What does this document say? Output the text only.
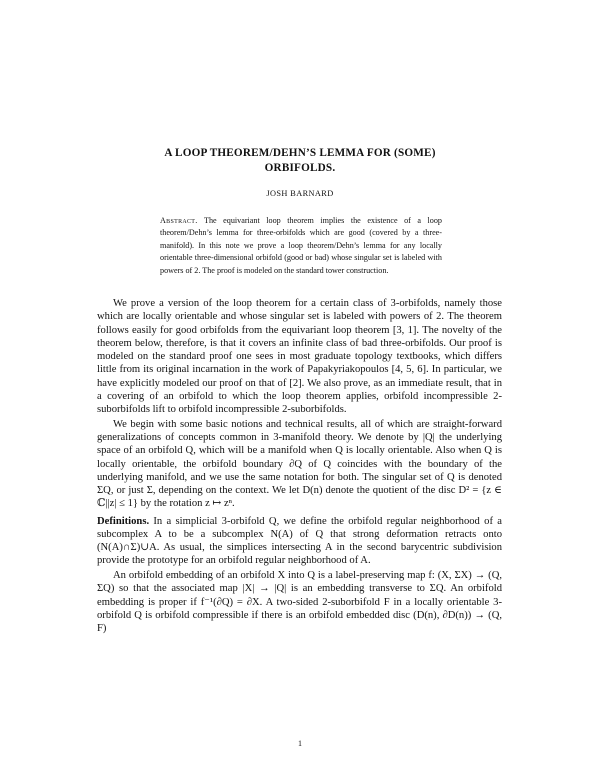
A LOOP THEOREM/DEHN’S LEMMA FOR (SOME)
ORBIFOLDS.
JOSH BARNARD
Abstract. The equivariant loop theorem implies the existence of a loop theorem/Dehn’s lemma for three-orbifolds which are good (covered by a three-manifold). In this note we prove a loop theorem/Dehn’s lemma for any locally orientable three-dimensional orbifold (good or bad) whose singular set is labeled with powers of 2. The proof is modeled on the standard tower construction.

We prove a version of the loop theorem for a certain class of 3-orbifolds, namely those which are locally orientable and whose singular set is labeled with powers of 2. The theorem follows easily for good orbifolds from the equivariant loop theorem [3, 1]. The novelty of the theorem below, therefore, is that it covers an infinite class of bad three-orbifolds. Our proof is modeled on the standard proof one sees in most graduate topology textbooks, which differs little from its original incarnation in the work of Papakyriakopoulos [4, 5, 6]. In particular, we have explicitly modeled our proof on that of [2]. We also prove, as an immediate result, that in a covering of an orbifold to which the loop theorem applies, orbifold incompressible 2-suborbifolds lift to orbifold incompressible 2-suborbifolds.

We begin with some basic notions and technical results, all of which are straight-forward generalizations of concepts common in 3-manifold theory. We denote by |Q| the underlying space of an orbifold Q, which will be a manifold when Q is locally orientable. Also when Q is locally orientable, the orbifold boundary ∂Q of Q coincides with the boundary of the underlying manifold, and we use the same notation for both. The singular set of Q is denoted ΣQ, or just Σ, depending on the context. We let D(n) denote the quotient of the disc D² = {z ∈ ℂ||z| ≤ 1} by the rotation z ↦ zⁿ.

Definitions. In a simplicial 3-orbifold Q, we define the orbifold regular neighborhood of a subcomplex A to be a subcomplex N(A) of Q that strong deformation retracts onto (N(A)∩Σ)∪A. As usual, the simplices intersecting A in the second barycentric subdivision provide the prototype for an orbifold regular neighborhood of A.

An orbifold embedding of an orbifold X into Q is a label-preserving map f: (X, ΣX) → (Q, ΣQ) so that the associated map |X| → |Q| is an embedding transverse to ΣQ. An orbifold embedding is proper if f⁻¹(∂Q) = ∂X. A two-sided 2-suborbifold F in a locally orientable 3-orbifold Q is orbifold compressible if there is an orbifold embedded disc (D(n), ∂D(n)) → (Q, F)

1
